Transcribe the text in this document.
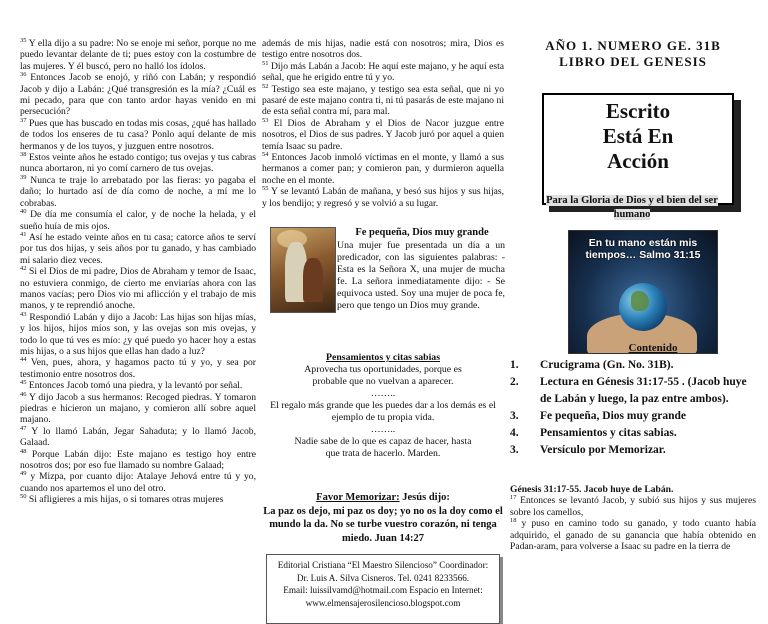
$^{35}$ Y ella dijo a su padre: No se enoje mi señor, porque no me puedo levantar delante de ti; pues estoy con la costumbre de las mujeres. Y él buscó, pero no halló los ídolos.

$^{36}$ Entonces Jacob se enojó, y riñó con Labán; y respondió Jacob y dijo a Labán: ¿Qué transgresión es la mía? ¿Cuál es mi pecado, para que con tanto ardor hayas venido en mi persecución?

$^{37}$ Pues que has buscado en todas mis cosas, ¿qué has hallado de todos los enseres de tu casa? Ponlo aquí delante de mis hermanos y de los tuyos, y juzguen entre nosotros.

$^{38}$ Estos veinte años he estado contigo; tus ovejas y tus cabras nunca abortaron, ni yo comí carnero de tus ovejas.

$^{39}$ Nunca te traje lo arrebatado por las fieras: yo pagaba el daño; lo hurtado así de día como de noche, a mí me lo cobrabas.

$^{40}$ De día me consumía el calor, y de noche la helada, y el sueño huía de mis ojos.

$^{41}$ Así he estado veinte años en tu casa; catorce años te serví por tus dos hijas, y seis años por tu ganado, y has cambiado mi salario diez veces.

$^{42}$ Si el Dios de mi padre, Dios de Abraham y temor de Isaac, no estuviera conmigo, de cierto me enviarías ahora con las manos vacías; pero Dios vio mi aflicción y el trabajo de mis manos, y te reprendió anoche.

$^{43}$ Respondió Labán y dijo a Jacob: Las hijas son hijas mías, y los hijos, hijos míos son, y las ovejas son mis ovejas, y todo lo que tú ves es mío: ¿y qué puedo yo hacer hoy a estas mis hijas, o a sus hijos que ellas han dado a luz?

$^{44}$ Ven, pues, ahora, y hagamos pacto tú y yo, y sea por testimonio entre nosotros dos.

$^{45}$ Entonces Jacob tomó una piedra, y la levantó por señal.

$^{46}$ Y dijo Jacob a sus hermanos: Recoged piedras. Y tomaron piedras e hicieron un majano, y comieron allí sobre aquel majano.

$^{47}$ Y lo llamó Labán, Jegar Sahaduta; y lo llamó Jacob, Galaad.

$^{48}$ Porque Labán dijo: Este majano es testigo hoy entre nosotros dos; por eso fue llamado su nombre Galaad;

$^{49}$ y Mizpa, por cuanto dijo: Atalaye Jehová entre tú y yo, cuando nos apartemos el uno del otro.

$^{50}$ Si afligieres a mis hijas, o si tomares otras mujeres

además de mis hijas, nadie está con nosotros; mira, Dios es testigo entre nosotros dos.

$^{51}$ Dijo más Labán a Jacob: He aquí este majano, y he aquí esta señal, que he erigido entre tú y yo.

$^{52}$ Testigo sea este majano, y testigo sea esta señal, que ni yo pasaré de este majano contra ti, ni tú pasarás de este majano ni de esta señal contra mí, para mal.

$^{53}$ El Dios de Abraham y el Dios de Nacor juzgue entre nosotros, el Dios de sus padres. Y Jacob juró por aquel a quien temía Isaac su padre.

$^{54}$ Entonces Jacob inmoló víctimas en el monte, y llamó a sus hermanos a comer pan; y comieron pan, y durmieron aquella noche en el monte.

$^{55}$ Y se levantó Labán de mañana, y besó sus hijos y sus hijas, y los bendijo; y regresó y se volvió a su lugar.

Fe pequeña, Dios muy grande
Una mujer fue presentada un día a un predicador, con las siguientes palabras: - Esta es la Señora X, una mujer de mucha fe. La señora inmediatamente dijo: - Se equivoca usted. Soy una mujer de poca fe, pero que tengo un Dios muy grande.
Pensamientos y citas sabias
Aprovecha tus oportunidades, porque es probable que no vuelvan a aparecer.
……..
El regalo más grande que les puedes dar a los demás es el ejemplo de tu propia vida.
……..
Nadie sabe de lo que es capaz de hacer, hasta que trata de hacerlo. Marden.
Favor Memorizar: Jesús dijo:
La paz os dejo, mi paz os doy; yo no os la doy como el mundo la da. No se turbe vuestro corazón, ni tenga miedo. Juan 14:27
Editorial Cristiana “El Maestro Silencioso” Coordinador:
Dr. Luis A. Silva Cisneros. Tel. 0241 8233566.
Email: luissilvamd@hotmail.com Espacio en Internet:
www.elmensajerosilencioso.blogspot.com
AÑO 1. NUMERO GE. 31B
LIBRO DEL GENESIS
Escrito
Está En
Acción
Para la Gloria de Dios y el bien del ser humano
En tu mano están mis tiempos… Salmo 31:15
Contenido
1.	Crucigrama (Gn. No. 31B).
2.	Lectura en Génesis 31:17-55 . (Jacob huye de Labán y luego, la paz entre ambos).
3.	Fe pequeña, Dios muy grande
4.	Pensamientos y citas sabias.
3.	Versículo por Memorizar.
Génesis 31:17-55. Jacob huye de Labán.

$^{17}$ Entonces se levantó Jacob, y subió sus hijos y sus mujeres sobre los camellos,

$^{18}$ y puso en camino todo su ganado, y todo cuanto había adquirido, el ganado de su ganancia que había obtenido en Padan-aram, para volverse a Isaac su padre en la tierra de
